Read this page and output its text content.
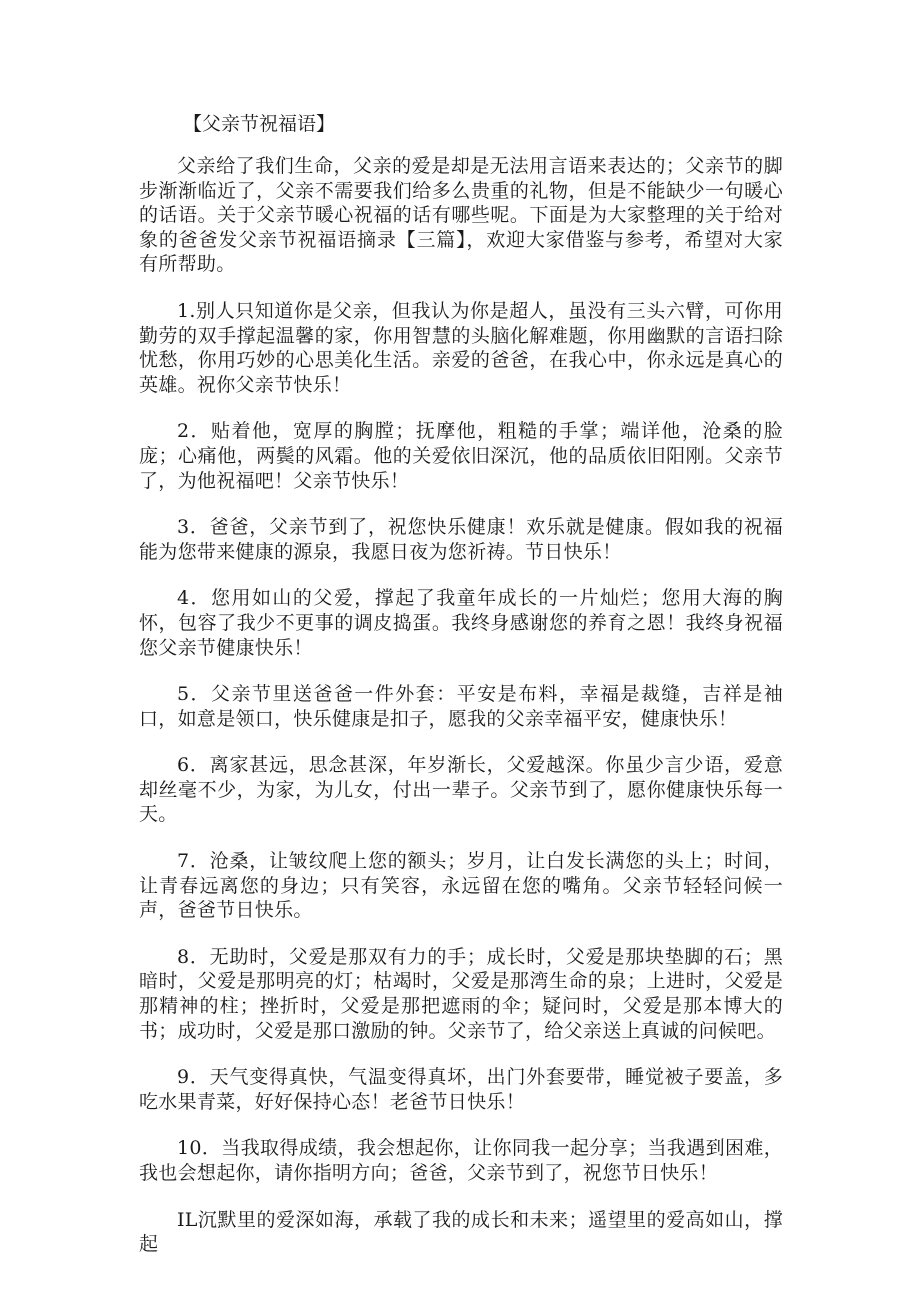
【父亲节祝福语】

父亲给了我们生命，父亲的爱是却是无法用言语来表达的；父亲节的脚步渐渐临近了，父亲不需要我们给多么贵重的礼物，但是不能缺少一句暖心的话语。关于父亲节暖心祝福的话有哪些呢。下面是为大家整理的关于给对象的爸爸发父亲节祝福语摘录【三篇】，欢迎大家借鉴与参考，希望对大家有所帮助。

1.别人只知道你是父亲，但我认为你是超人，虽没有三头六臂，可你用勤劳的双手撑起温馨的家，你用智慧的头脑化解难题，你用幽默的言语扫除忧愁，你用巧妙的心思美化生活。亲爱的爸爸，在我心中，你永远是真心的英雄。祝你父亲节快乐！

2．贴着他，宽厚的胸膛；抚摩他，粗糙的手掌；端详他，沧桑的脸庞；心痛他，两鬓的风霜。他的关爱依旧深沉，他的品质依旧阳刚。父亲节了，为他祝福吧！父亲节快乐！

3．爸爸，父亲节到了，祝您快乐健康！欢乐就是健康。假如我的祝福能为您带来健康的源泉，我愿日夜为您祈祷。节日快乐！

4．您用如山的父爱，撑起了我童年成长的一片灿烂；您用大海的胸怀，包容了我少不更事的调皮捣蛋。我终身感谢您的养育之恩！我终身祝福您父亲节健康快乐！

5．父亲节里送爸爸一件外套：平安是布料，幸福是裁缝，吉祥是袖口，如意是领口，快乐健康是扣子，愿我的父亲幸福平安，健康快乐！

6．离家甚远，思念甚深，年岁渐长，父爱越深。你虽少言少语，爱意却丝毫不少，为家，为儿女，付出一辈子。父亲节到了，愿你健康快乐每一天。

7．沧桑，让皱纹爬上您的额头；岁月，让白发长满您的头上；时间，让青春远离您的身边；只有笑容，永远留在您的嘴角。父亲节轻轻问候一声，爸爸节日快乐。

8．无助时，父爱是那双有力的手；成长时，父爱是那块垫脚的石；黑暗时，父爱是那明亮的灯；枯竭时，父爱是那湾生命的泉；上进时，父爱是那精神的柱；挫折时，父爱是那把遮雨的伞；疑问时，父爱是那本博大的书；成功时，父爱是那口激励的钟。父亲节了，给父亲送上真诚的问候吧。

9．天气变得真快，气温变得真坏，出门外套要带，睡觉被子要盖，多吃水果青菜，好好保持心态！老爸节日快乐！

10．当我取得成绩，我会想起你，让你同我一起分享；当我遇到困难，我也会想起你，请你指明方向；爸爸，父亲节到了，祝您节日快乐！

IL沉默里的爱深如海，承载了我的成长和未来；遥望里的爱高如山，撑起
